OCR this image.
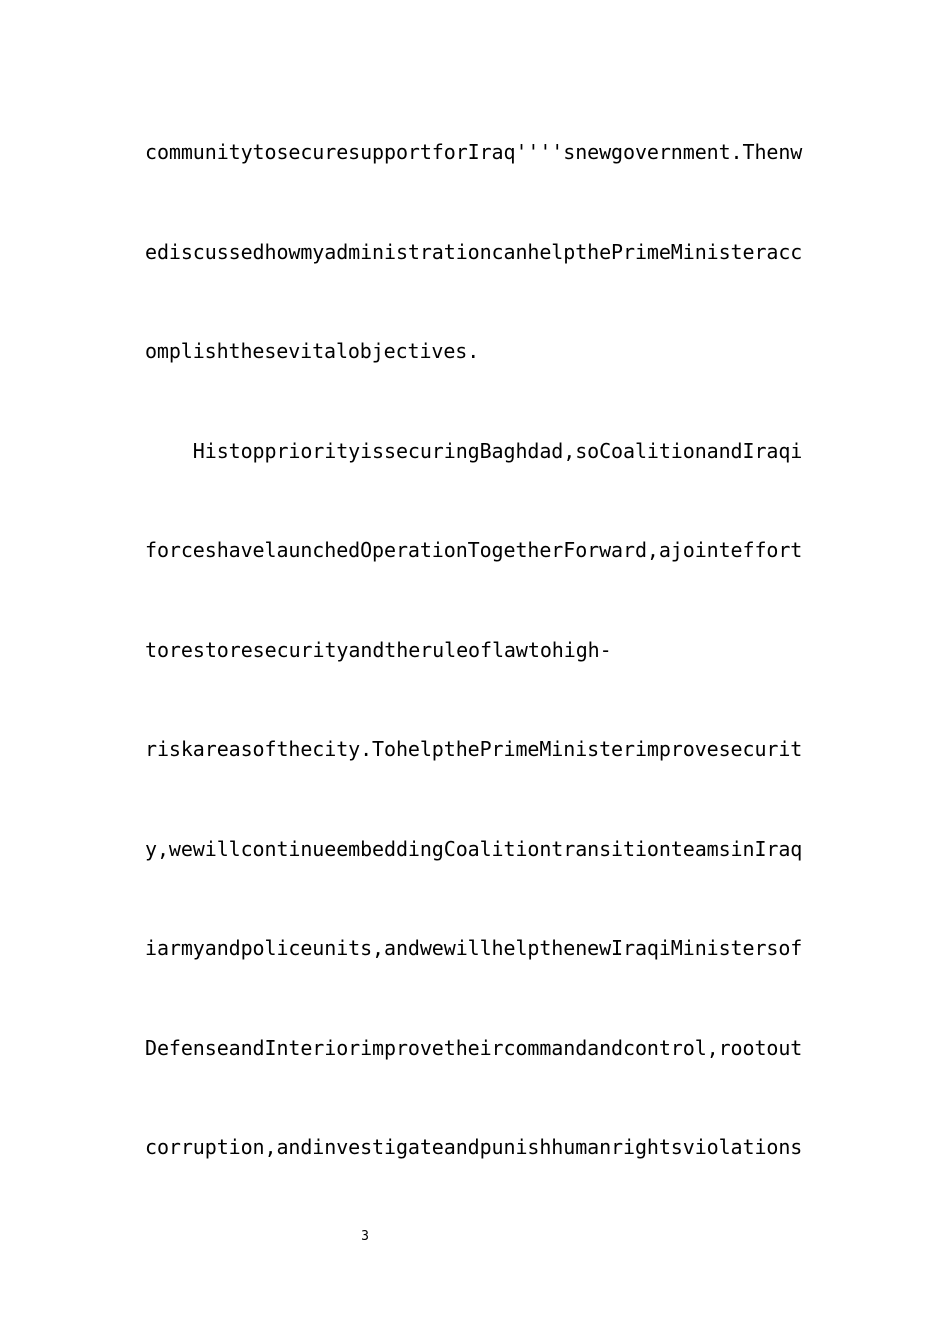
communitytosecuresupportforIraq''''snewgovernment.Thenw
ediscussedhowmyadministrationcanhelpthePrimeMinisteracc
omplishthesevitalobjectives.
HistoppriorityissecuringBaghdad,soCoalitionandIraqi
forceshavelaunchedOperationTogetherForward,ajointeffort
torestoresecurityandtheruleoflawtohigh-
riskareasofthecity.TohelpthePrimeMinisterimprovesecurit
y,wewillcontinueembeddingCoalitiontransitionteamsinIraq
iarmyandpoliceunits,andwewillhelpthenewIraqiMinistersof
DefenseandInteriorimprovetheircommandandcontrol,rootout
corruption,andinvestigateandpunishhumanrightsviolations
3
